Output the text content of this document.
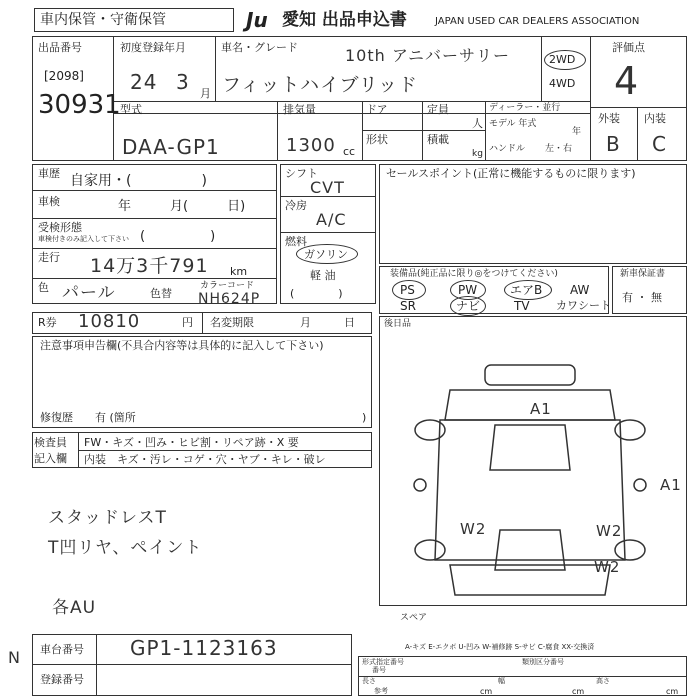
車内保管・守衛保管	Ju 愛知 出品申込書	JAPAN USED CAR DEALERS ASSOCIATION
出品番号
[2098]
30931
初度登録年月
24 3 月
車名・グレード	10th アニバーサリー
フィットハイブリッド
2WD
4WD
評価点
4
外装 内装
B C
型式
DAA-GP1
排気量
1300 cc
ドア	定員
人
形状	積載
kg
ディーラー・並行
モデル 年式
年
ハンドル 左・右
車歴 自家用・(　　　　　)
車検	年　　　月(　　　日)
受検形態
車検付きのみ記入して下さい (　　　　　)
走行 14万3千791 km
色 パール	色替
カラーコード
NH624P
シフト
CVT
冷房
A/C
燃料
ガソリン
軽 油
(　　　　)
セールスポイント(正常に機能するものに限ります)
装備品(純正品に限り◎をつけてください)
PS	PW	エアB AW
SR	ナビ	TV カワシート
新車保証書
有 ・ 無
R券 10810	円 名変期限	月　　　日	後日品
注意事項申告欄(不具合内容等は具体的に記入して下さい)
修復歴　　有 (箇所	)
検査員
記入欄
FW・キズ・凹み・ヒビ割・リペア跡・X 要
内装　キズ・汚レ・コゲ・穴・ヤブ・キレ・破レ
スタッドレスT
T凹リヤ、ペイント
各AU
N 車台番号 GP1-1123163
登録番号
A1
A1
W2	W2
W2
スペア
A-キズ E-エクボ U-凹み W-補修跡 S-サビ C-腐食 XX-交換済
形式指定番号
番号
類別区分番号
長さ	幅	高さ
参考	cm	cm	cm
